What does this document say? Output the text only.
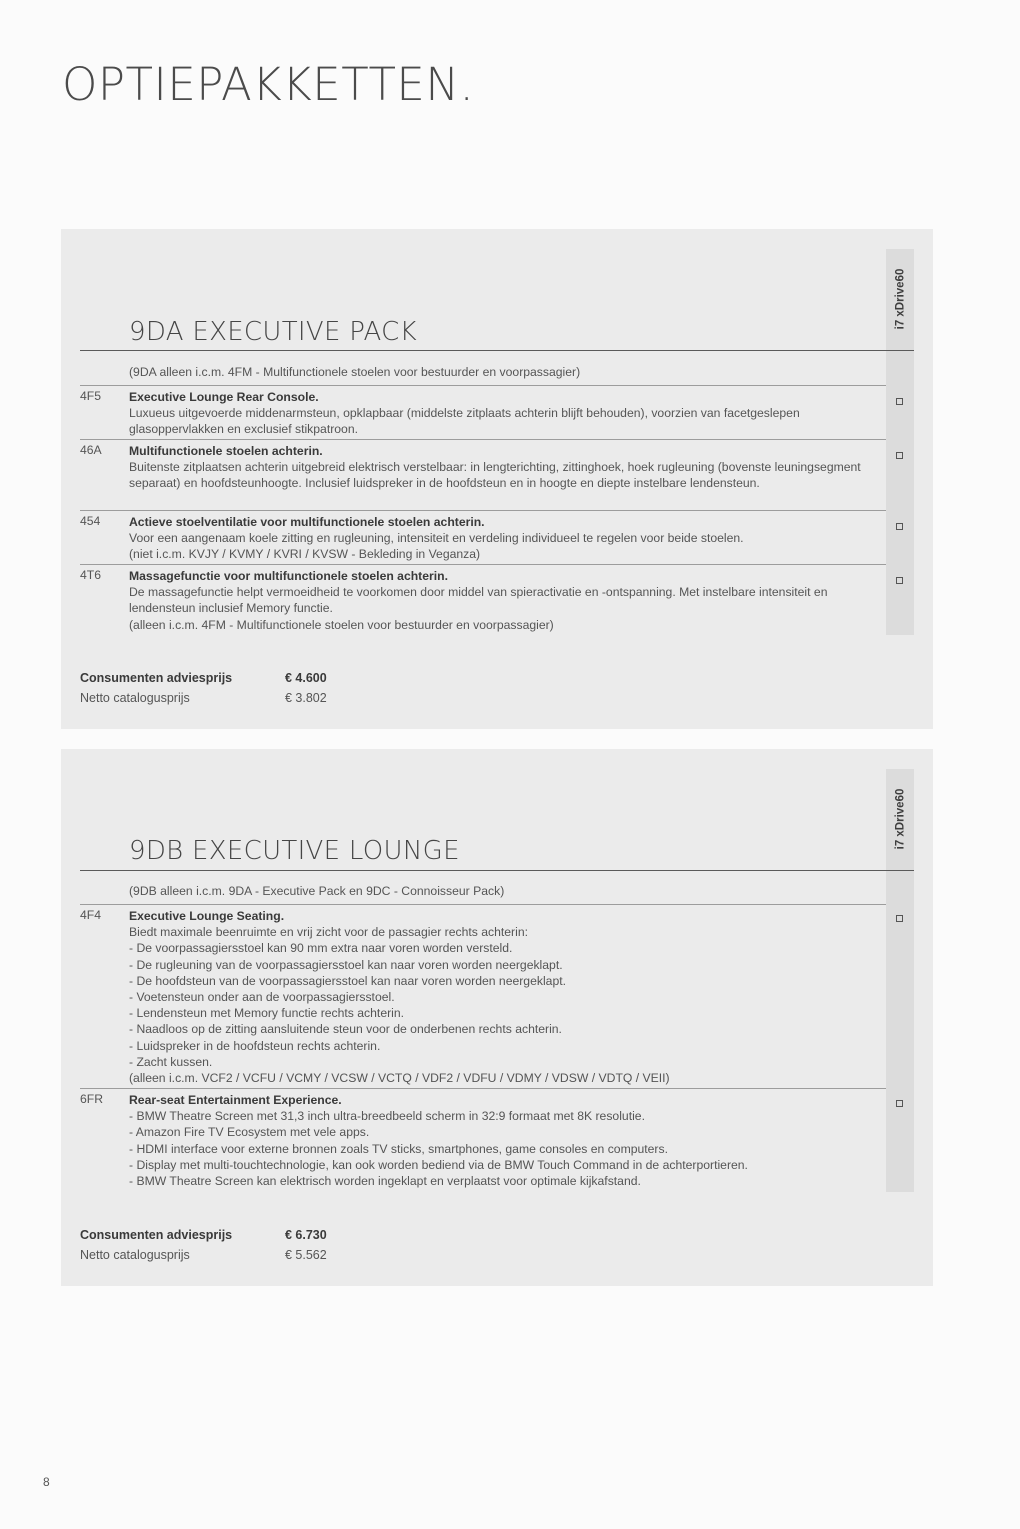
OPTIEPAKKETTEN.
i7 xDrive60
9DA EXECUTIVE PACK
(9DA alleen i.c.m. 4FM - Multifunctionele stoelen voor bestuurder en voorpassagier)
4F5 Executive Lounge Rear Console.
Luxueus uitgevoerde middenarmsteun, opklapbaar (middelste zitplaats achterin blijft behouden), voorzien van facetgeslepen glasoppervlakken en exclusief stikpatroon.
46A Multifunctionele stoelen achterin.
Buitenste zitplaatsen achterin uitgebreid elektrisch verstelbaar: in lengterichting, zittinghoek, hoek rugleuning (bovenste leuningsegment separaat) en hoofdsteunhoogte. Inclusief luidspreker in de hoofdsteun en in hoogte en diepte instelbare lendensteun.
454 Actieve stoelventilatie voor multifunctionele stoelen achterin.
Voor een aangenaam koele zitting en rugleuning, intensiteit en verdeling individueel te regelen voor beide stoelen.
(niet i.c.m. KVJY / KVMY / KVRI / KVSW - Bekleding in Veganza)
4T6 Massagefunctie voor multifunctionele stoelen achterin.
De massagefunctie helpt vermoeidheid te voorkomen door middel van spieractivatie en -ontspanning. Met instelbare intensiteit en lendensteun inclusief Memory functie.
(alleen i.c.m. 4FM - Multifunctionele stoelen voor bestuurder en voorpassagier)
Consumenten adviesprijs	€ 4.600
Netto catalogusprijs	€ 3.802
i7 xDrive60
9DB EXECUTIVE LOUNGE
(9DB alleen i.c.m. 9DA - Executive Pack en 9DC - Connoisseur Pack)
4F4 Executive Lounge Seating.
Biedt maximale beenruimte en vrij zicht voor de passagier rechts achterin:
- De voorpassagiersstoel kan 90 mm extra naar voren worden versteld.
- De rugleuning van de voorpassagiersstoel kan naar voren worden neergeklapt.
- De hoofdsteun van de voorpassagiersstoel kan naar voren worden neergeklapt.
- Voetensteun onder aan de voorpassagiersstoel.
- Lendensteun met Memory functie rechts achterin.
- Naadloos op de zitting aansluitende steun voor de onderbenen rechts achterin.
- Luidspreker in de hoofdsteun rechts achterin.
- Zacht kussen.
(alleen i.c.m. VCF2 / VCFU / VCMY / VCSW / VCTQ / VDF2 / VDFU / VDMY / VDSW / VDTQ / VEII)
6FR Rear-seat Entertainment Experience.
- BMW Theatre Screen met 31,3 inch ultra-breedbeeld scherm in 32:9 formaat met 8K resolutie.
- Amazon Fire TV Ecosystem met vele apps.
- HDMI interface voor externe bronnen zoals TV sticks, smartphones, game consoles en computers.
- Display met multi-touchtechnologie, kan ook worden bediend via de BMW Touch Command in de achterportieren.
- BMW Theatre Screen kan elektrisch worden ingeklapt en verplaatst voor optimale kijkafstand.
Consumenten adviesprijs	€ 6.730
Netto catalogusprijs	€ 5.562
8
